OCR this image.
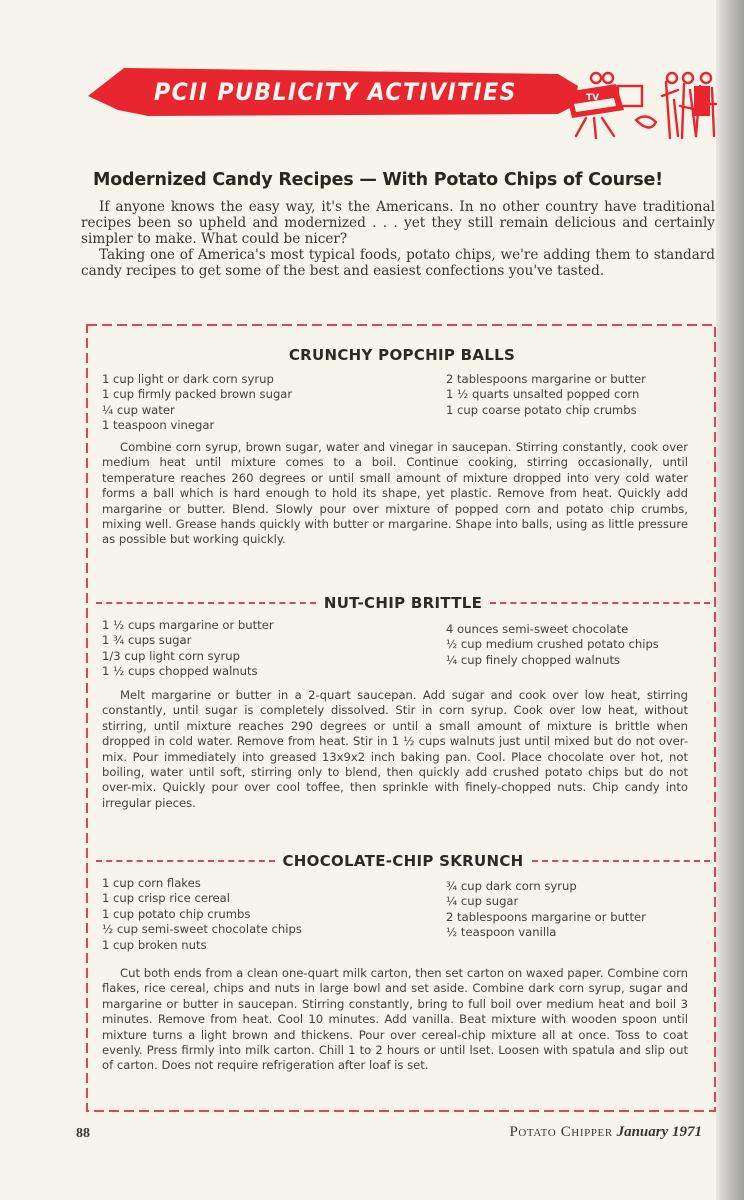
PCII PUBLICITY ACTIVITIES	TV
Modernized Candy Recipes — With Potato Chips of Course!

If anyone knows the easy way, it's the Americans. In no other country have traditional recipes been so upheld and modernized . . . yet they still remain delicious and certainly simpler to make. What could be nicer?

Taking one of America's most typical foods, potato chips, we're adding them to standard candy recipes to get some of the best and easiest confections you've tasted.

CRUNCHY POPCHIP BALLS
1 cup light or dark corn syrup
1 cup firmly packed brown sugar
¼ cup water
1 teaspoon vinegar
2 tablespoons margarine or butter
1 ½ quarts unsalted popped corn
1 cup coarse potato chip crumbs

Combine corn syrup, brown sugar, water and vinegar in saucepan. Stirring constantly, cook over medium heat until mixture comes to a boil. Continue cooking, stirring occasionally, until temperature reaches 260 degrees or until small amount of mixture dropped into very cold water forms a ball which is hard enough to hold its shape, yet plastic. Remove from heat. Quickly add margarine or butter. Blend. Slowly pour over mixture of popped corn and potato chip crumbs, mixing well. Grease hands quickly with butter or margarine. Shape into balls, using as little pressure as possible but working quickly.

NUT-CHIP BRITTLE
1 ½ cups margarine or butter
1 ¾ cups sugar
1/3 cup light corn syrup
1 ½ cups chopped walnuts
4 ounces semi-sweet chocolate
½ cup medium crushed potato chips
¼ cup finely chopped walnuts

Melt margarine or butter in a 2-quart saucepan. Add sugar and cook over low heat, stirring constantly, until sugar is completely dissolved. Stir in corn syrup. Cook over low heat, without stirring, until mixture reaches 290 degrees or until a small amount of mixture is brittle when dropped in cold water. Remove from heat. Stir in 1 ½ cups walnuts just until mixed but do not over-mix. Pour immediately into greased 13x9x2 inch baking pan. Cool. Place chocolate over hot, not boiling, water until soft, stirring only to blend, then quickly add crushed potato chips but do not over-mix. Quickly pour over cool toffee, then sprinkle with finely-chopped nuts. Chip candy into irregular pieces.

CHOCOLATE-CHIP SKRUNCH
1 cup corn flakes
1 cup crisp rice cereal
1 cup potato chip crumbs
½ cup semi-sweet chocolate chips
1 cup broken nuts
¾ cup dark corn syrup
¼ cup sugar
2 tablespoons margarine or butter
½ teaspoon vanilla

Cut both ends from a clean one-quart milk carton, then set carton on waxed paper. Combine corn flakes, rice cereal, chips and nuts in large bowl and set aside. Combine dark corn syrup, sugar and margarine or butter in saucepan. Stirring constantly, bring to full boil over medium heat and boil 3 minutes. Remove from heat. Cool 10 minutes. Add vanilla. Beat mixture with wooden spoon until mixture turns a light brown and thickens. Pour over cereal-chip mixture all at once. Toss to coat evenly. Press firmly into milk carton. Chill 1 to 2 hours or until lset. Loosen with spatula and slip out of carton. Does not require refrigeration after loaf is set.

88	Potato Chipper January 1971
